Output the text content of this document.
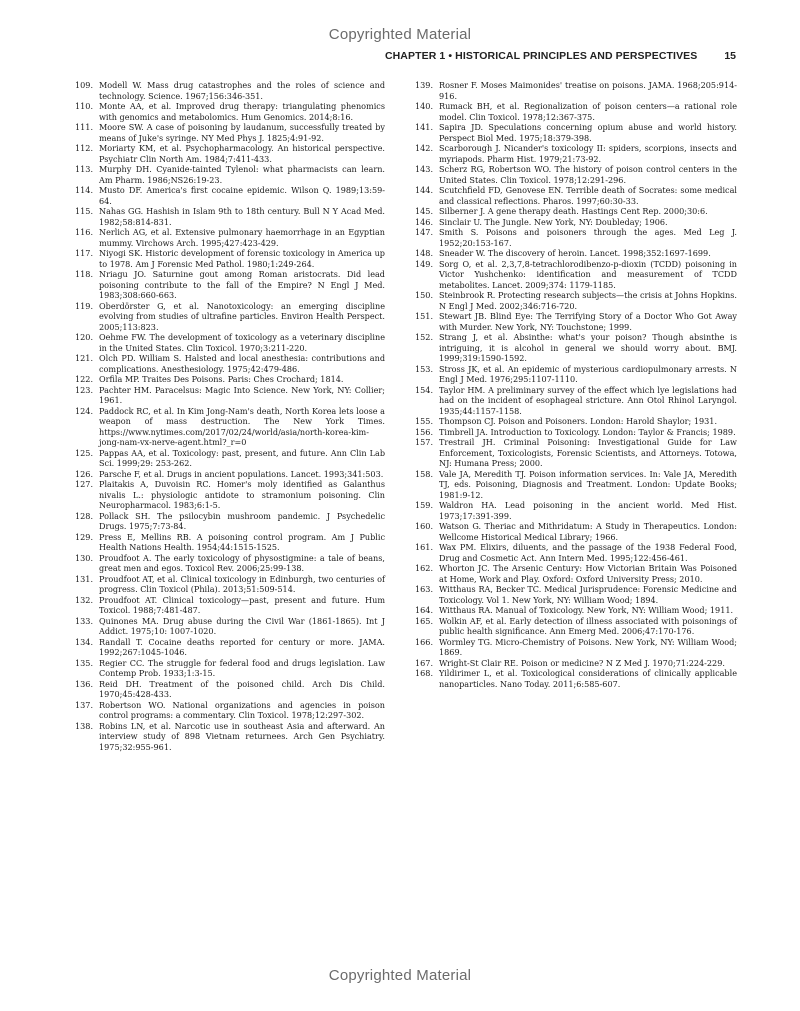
Copyrighted Material
CHAPTER 1 • HISTORICAL PRINCIPLES AND PERSPECTIVES	15
109. Modell W. Mass drug catastrophes and the roles of science and technology. Science. 1967;156:346-351.
110. Monte AA, et al. Improved drug therapy: triangulating phenomics with genomics and metabolomics. Hum Genomics. 2014;8:16.
111. Moore SW. A case of poisoning by laudanum, successfully treated by means of Juke's syringe. NY Med Phys J. 1825;4:91-92.
112. Moriarty KM, et al. Psychopharmacology. An historical perspective. Psychiatr Clin North Am. 1984;7:411-433.
113. Murphy DH. Cyanide-tainted Tylenol: what pharmacists can learn. Am Pharm. 1986;NS26:19-23.
114. Musto DF. America's first cocaine epidemic. Wilson Q. 1989;13:59-64.
115. Nahas GG. Hashish in Islam 9th to 18th century. Bull N Y Acad Med. 1982;58:814-831.
116. Nerlich AG, et al. Extensive pulmonary haemorrhage in an Egyptian mummy. Virchows Arch. 1995;427:423-429.
117. Niyogi SK. Historic development of forensic toxicology in America up to 1978. Am J Forensic Med Pathol. 1980;1:249-264.
118. Nriagu JO. Saturnine gout among Roman aristocrats. Did lead poisoning contribute to the fall of the Empire? N Engl J Med. 1983;308:660-663.
119. Oberdörster G, et al. Nanotoxicology: an emerging discipline evolving from studies of ultrafine particles. Environ Health Perspect. 2005;113:823.
120. Oehme FW. The development of toxicology as a veterinary discipline in the United States. Clin Toxicol. 1970;3:211-220.
121. Olch PD. William S. Halsted and local anesthesia: contributions and complications. Anesthesiology. 1975;42:479-486.
122. Orfila MP. Traites Des Poisons. Paris: Ches Crochard; 1814.
123. Pachter HM. Paracelsus: Magic Into Science. New York, NY: Collier; 1961.
124. Paddock RC, et al. In Kim Jong-Nam's death, North Korea lets loose a weapon of mass destruction. The New York Times. https://www.nytimes.com/2017/02/24/world/asia/north-korea-kim-jong-nam-vx-nerve-agent.html?_r=0
125. Pappas AA, et al. Toxicology: past, present, and future. Ann Clin Lab Sci. 1999;29: 253-262.
126. Parsche F, et al. Drugs in ancient populations. Lancet. 1993;341:503.
127. Plaitakis A, Duvoisin RC. Homer's moly identified as Galanthus nivalis L.: physiologic antidote to stramonium poisoning. Clin Neuropharmacol. 1983;6:1-5.
128. Pollack SH. The psilocybin mushroom pandemic. J Psychedelic Drugs. 1975;7:73-84.
129. Press E, Mellins RB. A poisoning control program. Am J Public Health Nations Health. 1954;44:1515-1525.
130. Proudfoot A. The early toxicology of physostigmine: a tale of beans, great men and egos. Toxicol Rev. 2006;25:99-138.
131. Proudfoot AT, et al. Clinical toxicology in Edinburgh, two centuries of progress. Clin Toxicol (Phila). 2013;51:509-514.
132. Proudfoot AT. Clinical toxicology—past, present and future. Hum Toxicol. 1988;7:481-487.
133. Quinones MA. Drug abuse during the Civil War (1861-1865). Int J Addict. 1975;10: 1007-1020.
134. Randall T. Cocaine deaths reported for century or more. JAMA. 1992;267:1045-1046.
135. Regier CC. The struggle for federal food and drugs legislation. Law Contemp Prob. 1933;1:3-15.
136. Reid DH. Treatment of the poisoned child. Arch Dis Child. 1970;45:428-433.
137. Robertson WO. National organizations and agencies in poison control programs: a commentary. Clin Toxicol. 1978;12:297-302.
138. Robins LN, et al. Narcotic use in southeast Asia and afterward. An interview study of 898 Vietnam returnees. Arch Gen Psychiatry. 1975;32:955-961.
139. Rosner F. Moses Maimonides' treatise on poisons. JAMA. 1968;205:914-916.
140. Rumack BH, et al. Regionalization of poison centers—a rational role model. Clin Toxicol. 1978;12:367-375.
141. Sapira JD. Speculations concerning opium abuse and world history. Perspect Biol Med. 1975;18:379-398.
142. Scarborough J. Nicander's toxicology II: spiders, scorpions, insects and myriapods. Pharm Hist. 1979;21:73-92.
143. Scherz RG, Robertson WO. The history of poison control centers in the United States. Clin Toxicol. 1978;12:291-296.
144. Scutchfield FD, Genovese EN. Terrible death of Socrates: some medical and classical reflections. Pharos. 1997;60:30-33.
145. Silberner J. A gene therapy death. Hastings Cent Rep. 2000;30:6.
146. Sinclair U. The Jungle. New York, NY: Doubleday; 1906.
147. Smith S. Poisons and poisoners through the ages. Med Leg J. 1952;20:153-167.
148. Sneader W. The discovery of heroin. Lancet. 1998;352:1697-1699.
149. Sorg O, et al. 2,3,7,8-tetrachlorodibenzo-p-dioxin (TCDD) poisoning in Victor Yushchenko: identification and measurement of TCDD metabolites. Lancet. 2009;374: 1179-1185.
150. Steinbrook R. Protecting research subjects—the crisis at Johns Hopkins. N Engl J Med. 2002;346:716-720.
151. Stewart JB. Blind Eye: The Terrifying Story of a Doctor Who Got Away with Murder. New York, NY: Touchstone; 1999.
152. Strang J, et al. Absinthe: what's your poison? Though absinthe is intriguing, it is alcohol in general we should worry about. BMJ. 1999;319:1590-1592.
153. Stross JK, et al. An epidemic of mysterious cardiopulmonary arrests. N Engl J Med. 1976;295:1107-1110.
154. Taylor HM. A preliminary survey of the effect which lye legislations had had on the incident of esophageal stricture. Ann Otol Rhinol Laryngol. 1935;44:1157-1158.
155. Thompson CJ. Poison and Poisoners. London: Harold Shaylor; 1931.
156. Timbrell JA. Introduction to Toxicology. London: Taylor & Francis; 1989.
157. Trestrail JH. Criminal Poisoning: Investigational Guide for Law Enforcement, Toxicologists, Forensic Scientists, and Attorneys. Totowa, NJ: Humana Press; 2000.
158. Vale JA, Meredith TJ. Poison information services. In: Vale JA, Meredith TJ, eds. Poisoning, Diagnosis and Treatment. London: Update Books; 1981:9-12.
159. Waldron HA. Lead poisoning in the ancient world. Med Hist. 1973;17:391-399.
160. Watson G. Theriac and Mithridatum: A Study in Therapeutics. London: Wellcome Historical Medical Library; 1966.
161. Wax PM. Elixirs, diluents, and the passage of the 1938 Federal Food, Drug and Cosmetic Act. Ann Intern Med. 1995;122:456-461.
162. Whorton JC. The Arsenic Century: How Victorian Britain Was Poisoned at Home, Work and Play. Oxford: Oxford University Press; 2010.
163. Witthaus RA, Becker TC. Medical Jurisprudence: Forensic Medicine and Toxicology. Vol 1. New York, NY: William Wood; 1894.
164. Witthaus RA. Manual of Toxicology. New York, NY: William Wood; 1911.
165. Wolkin AF, et al. Early detection of illness associated with poisonings of public health significance. Ann Emerg Med. 2006;47:170-176.
166. Wormley TG. Micro-Chemistry of Poisons. New York, NY: William Wood; 1869.
167. Wright-St Clair RE. Poison or medicine? N Z Med J. 1970;71:224-229.
168. Yildirimer L, et al. Toxicological considerations of clinically applicable nanoparticles. Nano Today. 2011;6:585-607.
Copyrighted Material
